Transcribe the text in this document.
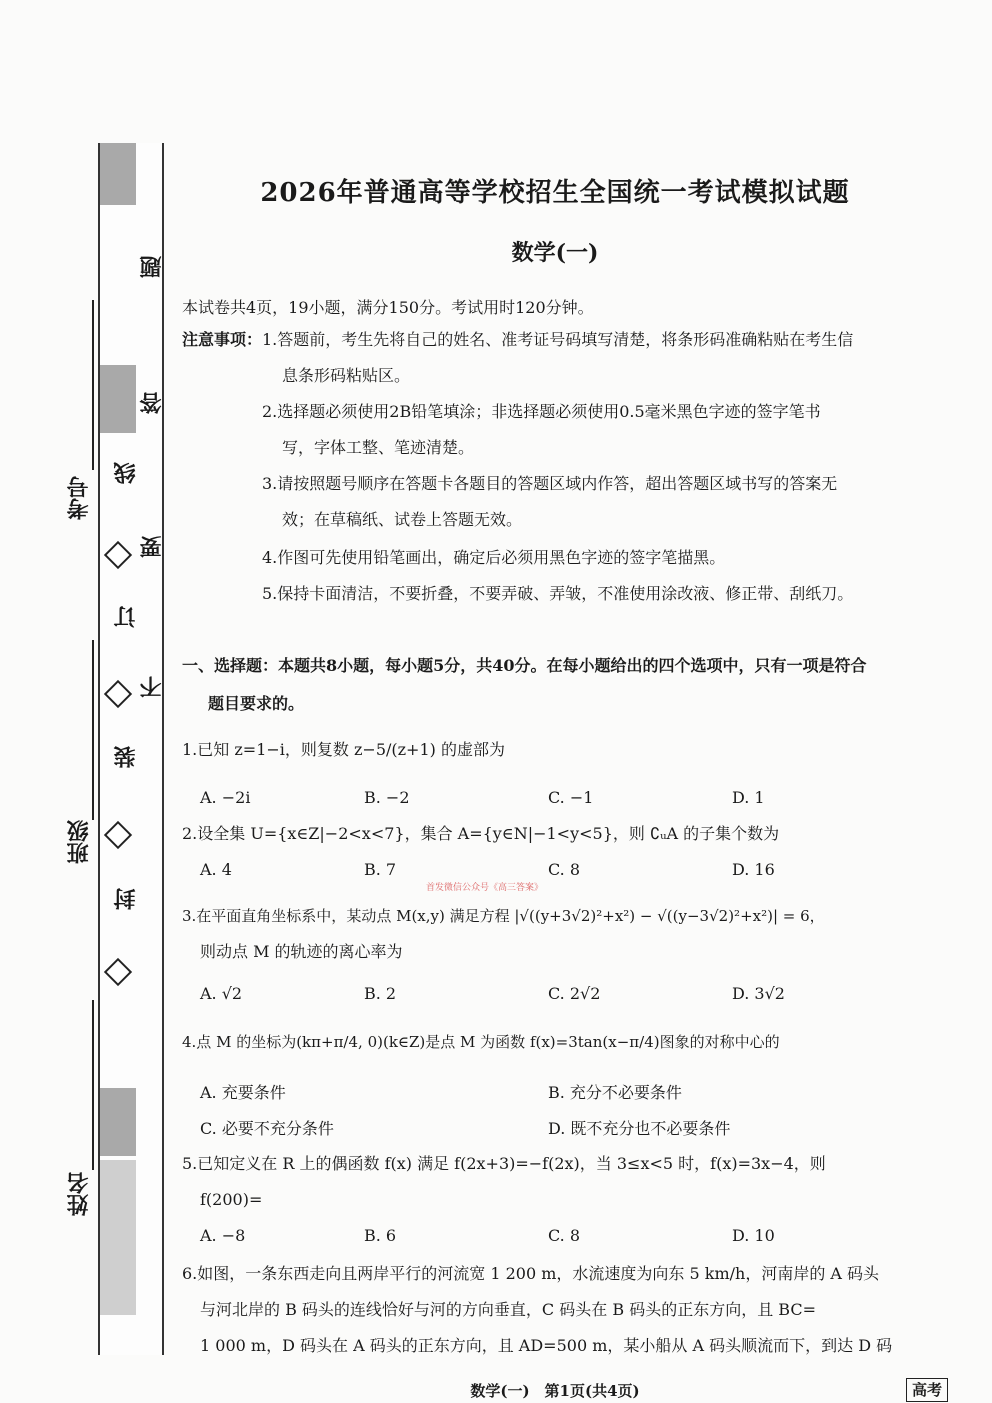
考号
班级
姓名
题
答
线
要
订
不
装
封
2026年普通高等学校招生全国统一考试模拟试题
数学(一)
本试卷共4页，19小题，满分150分。考试用时120分钟。
注意事项： 1.答题前，考生先将自己的姓名、准考证号码填写清楚，将条形码准确粘贴在考生信
息条形码粘贴区。
2.选择题必须使用2B铅笔填涂；非选择题必须使用0.5毫米黑色字迹的签字笔书
写，字体工整、笔迹清楚。
3.请按照题号顺序在答题卡各题目的答题区域内作答，超出答题区域书写的答案无
效；在草稿纸、试卷上答题无效。
4.作图可先使用铅笔画出，确定后必须用黑色字迹的签字笔描黑。
5.保持卡面清洁，不要折叠，不要弄破、弄皱，不准使用涂改液、修正带、刮纸刀。
一、选择题：本题共8小题，每小题5分，共40分。在每小题给出的四个选项中，只有一项是符合
题目要求的。
1.已知 z=1−i，则复数 z−5/(z+1) 的虚部为
A. −2i	B. −2	C. −1	D. 1
2.设全集 U={x∈Z|−2<x<7}，集合 A={y∈N|−1<y<5}，则 ∁ᵤA 的子集个数为
A. 4	B. 7	C. 8	D. 16
首发微信公众号《高三答案》
3.在平面直角坐标系中，某动点 M(x,y) 满足方程 |√((y+3√2)²+x²) − √((y−3√2)²+x²)| = 6，
则动点 M 的轨迹的离心率为
A. √2	B. 2	C. 2√2	D. 3√2
4.点 M 的坐标为(kπ+π/4, 0)(k∈Z)是点 M 为函数 f(x)=3tan(x−π/4)图象的对称中心的
A. 充要条件	B. 充分不必要条件
C. 必要不充分条件	D. 既不充分也不必要条件
5.已知定义在 R 上的偶函数 f(x) 满足 f(2x+3)=−f(2x)，当 3≤x<5 时，f(x)=3x−4，则
f(200)=
A. −8	B. 6	C. 8	D. 10
6.如图，一条东西走向且两岸平行的河流宽 1 200 m，水流速度为向东 5 km/h，河南岸的 A 码头
与河北岸的 B 码头的连线恰好与河的方向垂直，C 码头在 B 码头的正东方向，且 BC=
1 000 m，D 码头在 A 码头的正东方向，且 AD=500 m，某小船从 A 码头顺流而下，到达 D 码
数学(一)　第1页(共4页)	高考
